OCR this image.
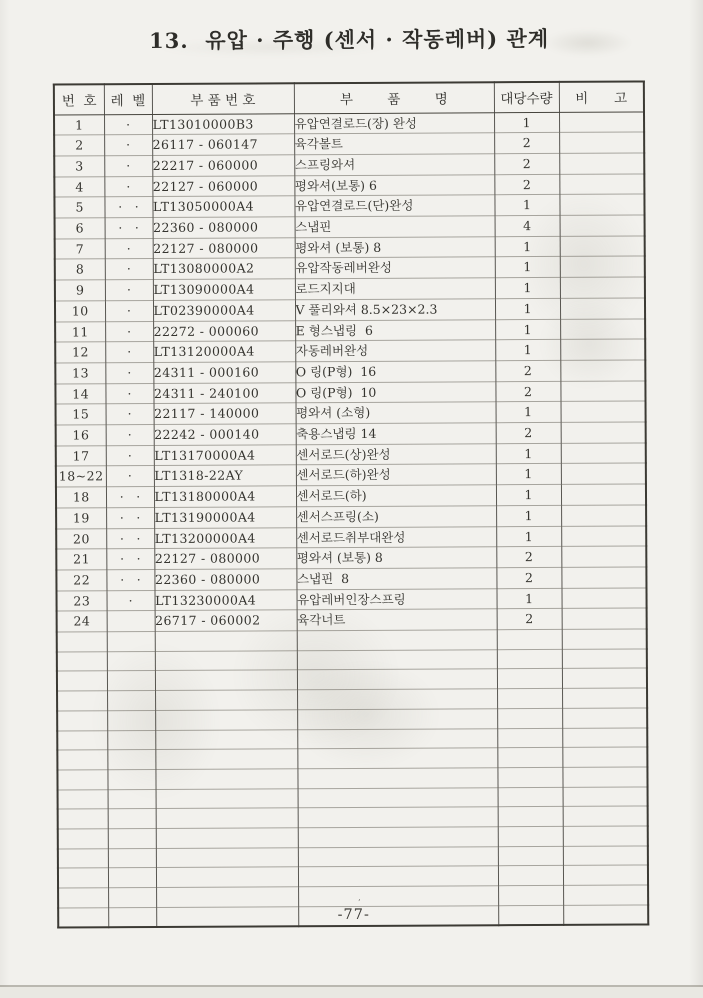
13.  유압 · 주행 (센서 · 작동레버) 관계
번  호	레  벨	부 품 번 호	부        품        명	대당수량	비      고
1	·	LT13010000B3	유압연결로드(장) 완성	1	
2	·	26117 - 060147	육각볼트	2	
3	·	22217 - 060000	스프링와셔	2	
4	·	22127 - 060000	평와셔(보통) 6	2	
5	· ·	LT13050000A4	유압연결로드(단)완성	1	
6	· ·	22360 - 080000	스냅핀	4	
7	·	22127 - 080000	평와셔 (보통) 8	1	
8	·	LT13080000A2	유압작동레버완성	1	
9	·	LT13090000A4	로드지지대	1	
10	·	LT02390000A4	V 풀리와셔 8.5×23×2.3	1	
11	·	22272 - 000060	E 형스냅링  6	1	
12	·	LT13120000A4	자동레버완성	1	
13	·	24311 - 000160	O 링(P형)  16	2	
14	·	24311 - 240100	O 링(P형)  10	2	
15	·	22117 - 140000	평와셔 (소형)	1	
16	·	22242 - 000140	축용스냅링 14	2	
17	·	LT13170000A4	센서로드(상)완성	1	
18~22	·	LT1318-22AY	센서로드(하)완성	1	
18	· ·	LT13180000A4	센서로드(하)	1	
19	· ·	LT13190000A4	센서스프링(소)	1	
20	· ·	LT13200000A4	센서로드취부대완성	1	
21	· ·	22127 - 080000	평와셔 (보통) 8	2	
22	· ·	22360 - 080000	스냅핀  8	2	
23	·	LT13230000A4	유압레버인장스프링	1	
24		26717 - 060002	육각너트	2	

՚
-77-
